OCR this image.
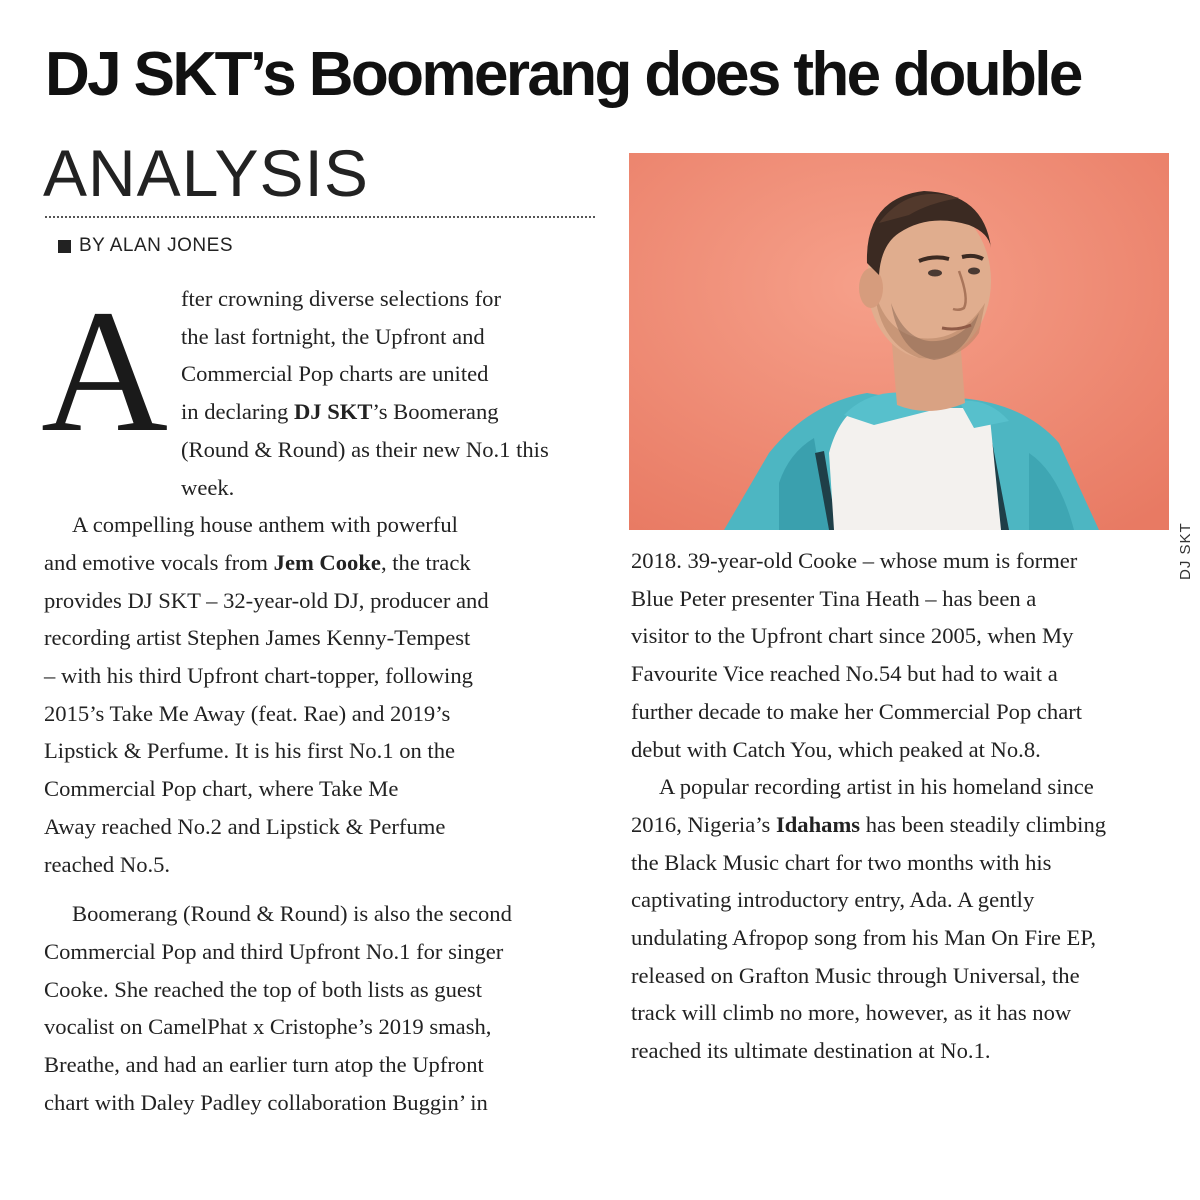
DJ SKT’s Boomerang does the double
ANALYSIS
BY ALAN JONES
A fter crowning diverse selections for
the last fortnight, the Upfront and
Commercial Pop charts are united
in declaring DJ SKT’s Boomerang
(Round & Round) as their new No.1 this week.

A compelling house anthem with powerful
and emotive vocals from Jem Cooke, the track
provides DJ SKT – 32-year-old DJ, producer and
recording artist Stephen James Kenny-Tempest
– with his third Upfront chart-topper, following
2015’s Take Me Away (feat. Rae) and 2019’s
Lipstick & Perfume. It is his first No.1 on the
Commercial Pop chart, where Take Me
Away reached No.2 and Lipstick & Perfume
reached No.5.

Boomerang (Round & Round) is also the second
Commercial Pop and third Upfront No.1 for singer
Cooke. She reached the top of both lists as guest
vocalist on CamelPhat x Cristophe’s 2019 smash,
Breathe, and had an earlier turn atop the Upfront
chart with Daley Padley collaboration Buggin’ in

DJ SKT

2018. 39-year-old Cooke – whose mum is former
Blue Peter presenter Tina Heath – has been a
visitor to the Upfront chart since 2005, when My
Favourite Vice reached No.54 but had to wait a
further decade to make her Commercial Pop chart
debut with Catch You, which peaked at No.8.

A popular recording artist in his homeland since
2016, Nigeria’s Idahams has been steadily climbing
the Black Music chart for two months with his
captivating introductory entry, Ada. A gently
undulating Afropop song from his Man On Fire EP,
released on Grafton Music through Universal, the
track will climb no more, however, as it has now
reached its ultimate destination at No.1.
